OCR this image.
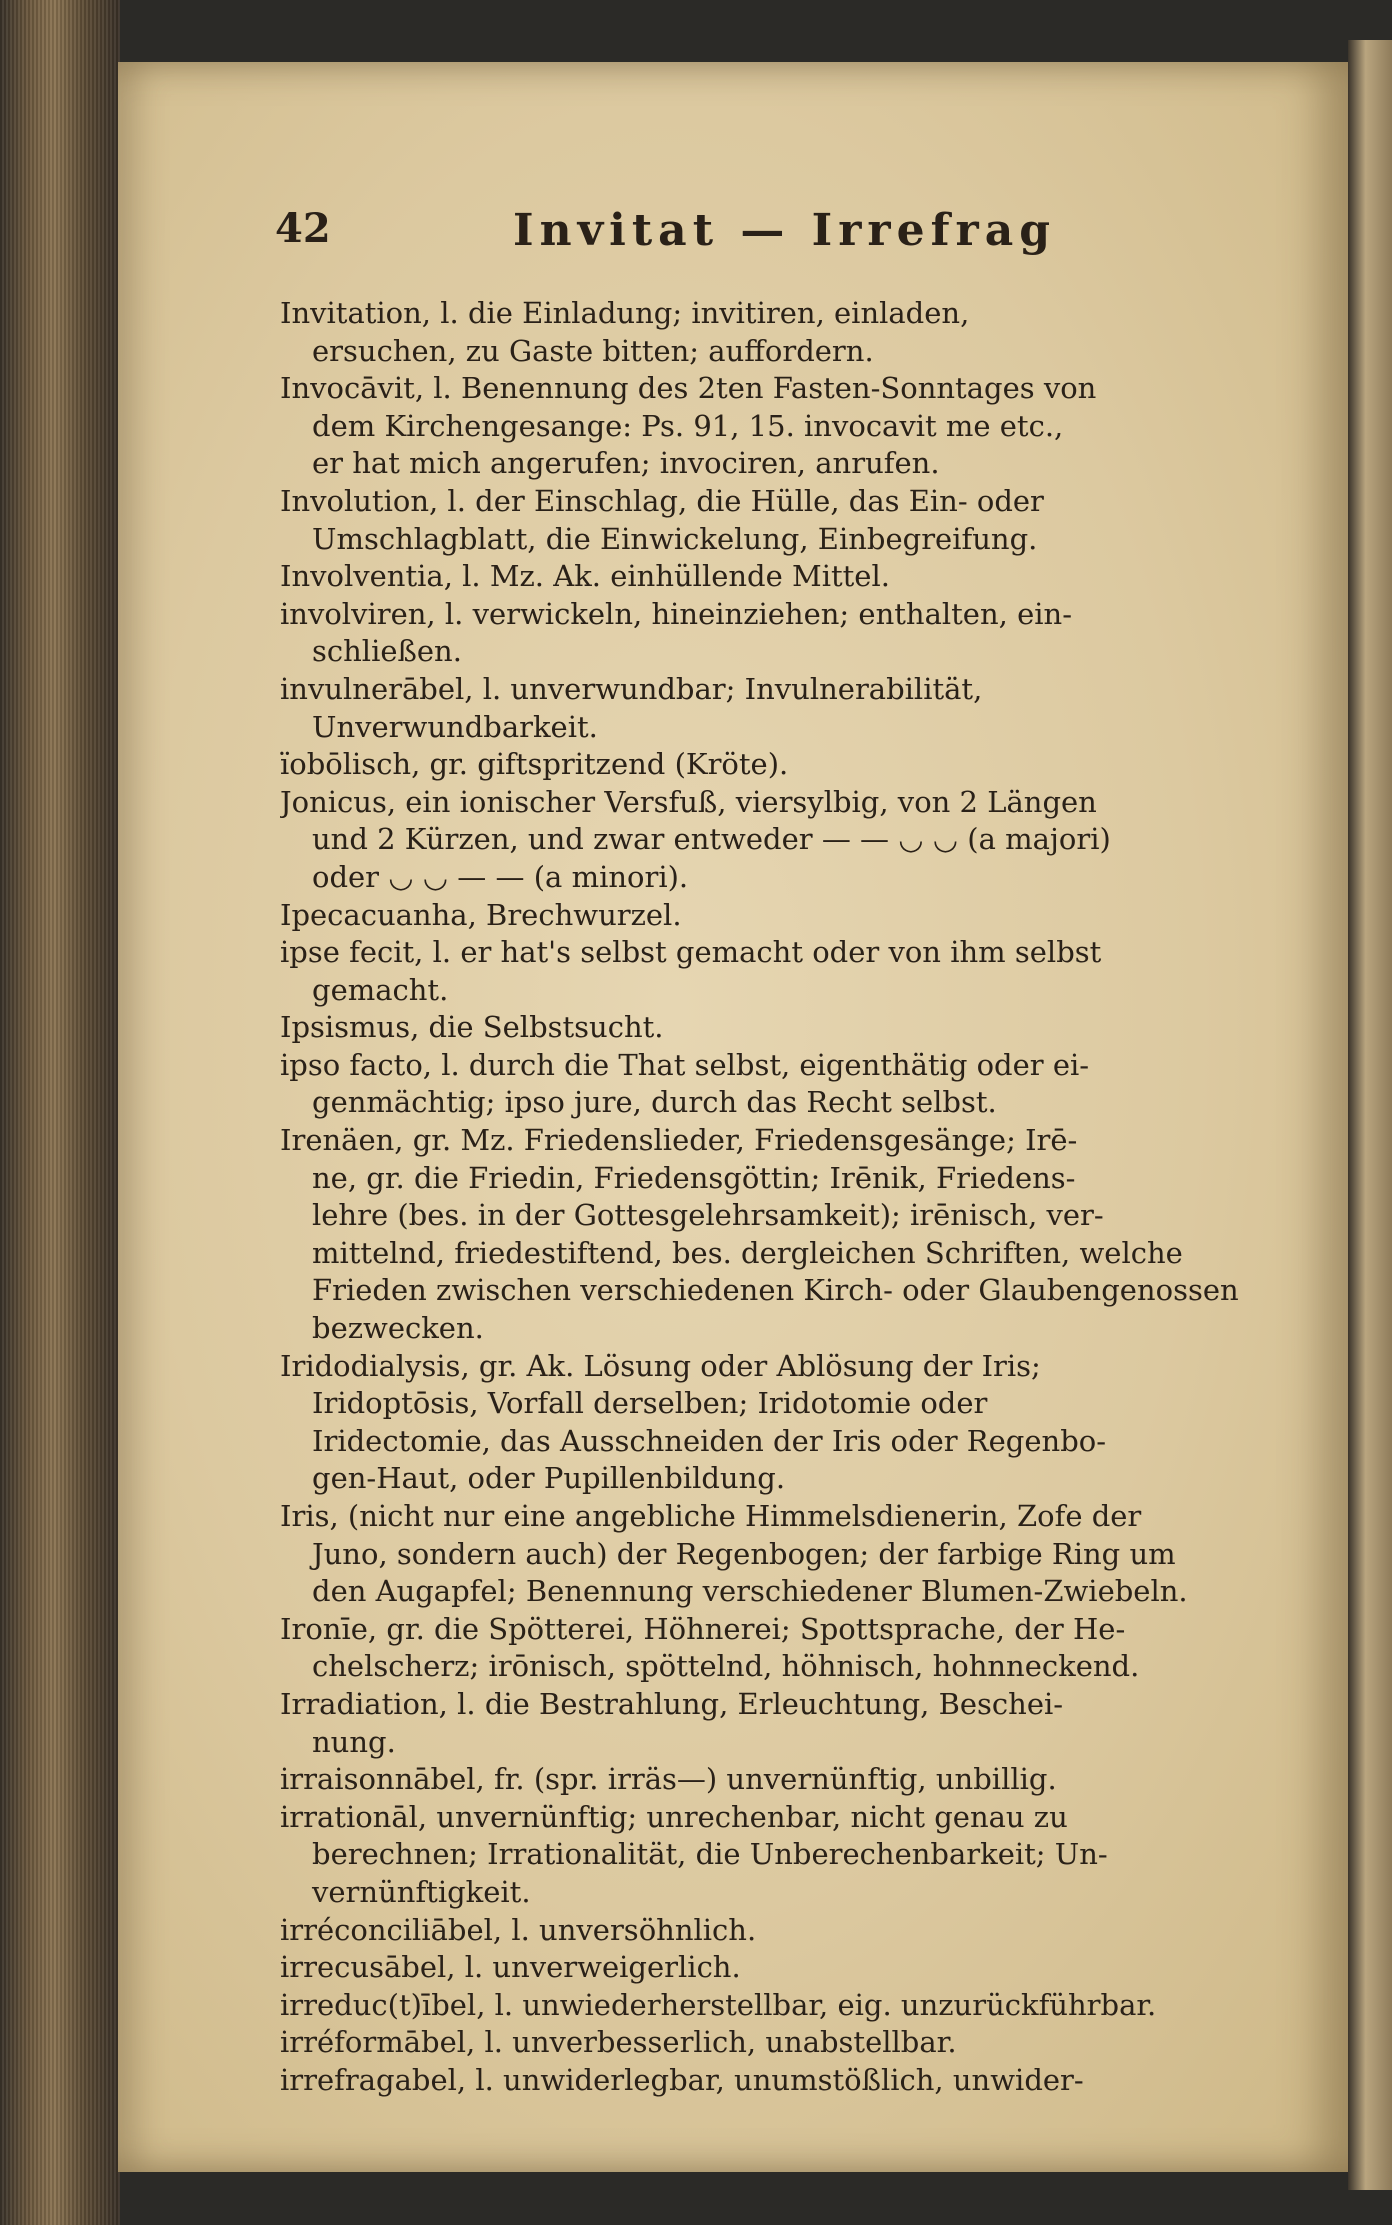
42	Invitat — Irrefrag
Invitation, l. die Einladung; invitiren, einladen,
ersuchen, zu Gaste bitten; auffordern.
Invocāvit, l. Benennung des 2ten Fasten-Sonntages von
dem Kirchengesange: Ps. 91, 15. invocavit me etc.,
er hat mich angerufen; invociren, anrufen.
Involution, l. der Einschlag, die Hülle, das Ein- oder
Umschlagblatt, die Einwickelung, Einbegreifung.
Involventia, l. Mz. Ak. einhüllende Mittel.
involviren, l. verwickeln, hineinziehen; enthalten, ein-
schließen.
invulnerābel, l. unverwundbar; Invulnerabilität,
Unverwundbarkeit.
ïobōlisch, gr. giftspritzend (Kröte).
Jonicus, ein ionischer Versfuß, viersylbig, von 2 Längen
und 2 Kürzen, und zwar entweder — — ◡ ◡ (a majori)
oder ◡ ◡ — — (a minori).
Ipecacuanha, Brechwurzel.
ipse fecit, l. er hat's selbst gemacht oder von ihm selbst
gemacht.
Ipsismus, die Selbstsucht.
ipso facto, l. durch die That selbst, eigenthätig oder ei-
genmächtig; ipso jure, durch das Recht selbst.
Irenäen, gr. Mz. Friedenslieder, Friedensgesänge; Irē-
ne, gr. die Friedin, Friedensgöttin; Irēnik, Friedens-
lehre (bes. in der Gottesgelehrsamkeit); irēnisch, ver-
mittelnd, friedestiftend, bes. dergleichen Schriften, welche
Frieden zwischen verschiedenen Kirch- oder Glaubengenossen
bezwecken.
Iridodialysis, gr. Ak. Lösung oder Ablösung der Iris;
Iridoptōsis, Vorfall derselben; Iridotomie oder
Iridectomie, das Ausschneiden der Iris oder Regenbo-
gen-Haut, oder Pupillenbildung.
Iris, (nicht nur eine angebliche Himmelsdienerin, Zofe der
Juno, sondern auch) der Regenbogen; der farbige Ring um
den Augapfel; Benennung verschiedener Blumen-Zwiebeln.
Ironīe, gr. die Spötterei, Höhnerei; Spottsprache, der He-
chelscherz; irōnisch, spöttelnd, höhnisch, hohnneckend.
Irradiation, l. die Bestrahlung, Erleuchtung, Beschei-
nung.
irraisonnābel, fr. (spr. irräs—) unvernünftig, unbillig.
irrationāl, unvernünftig; unrechenbar, nicht genau zu
berechnen; Irrationalität, die Unberechenbarkeit; Un-
vernünftigkeit.
irréconciliābel, l. unversöhnlich.
irrecusābel, l. unverweigerlich.
irreduc(t)ībel, l. unwiederherstellbar, eig. unzurückführbar.
irréformābel, l. unverbesserlich, unabstellbar.
irrefragabel, l. unwiderlegbar, unumstößlich, unwider-
